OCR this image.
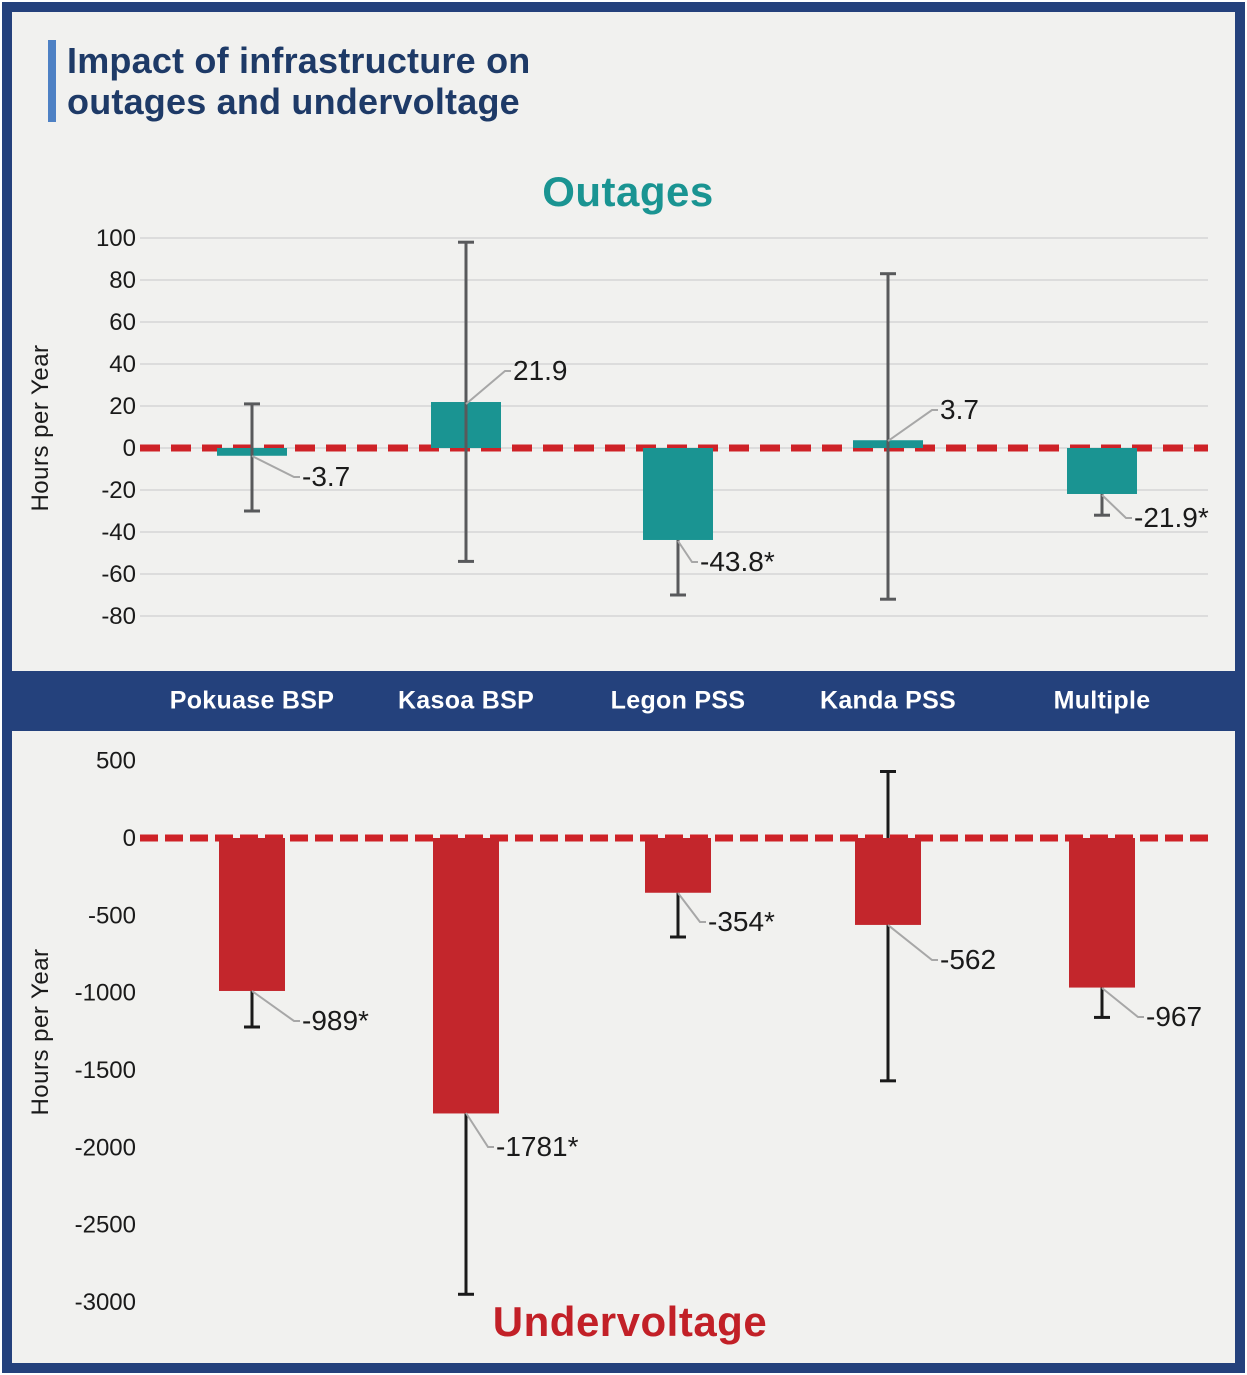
100
80
60
40
20
0
-20
-40
-60
-80
-3.7
21.9
-43.8*
3.7
-21.9*
500
0
-500
-1000
-1500
-2000
-2500
-3000
-989*
-1781*
-354*
-562
-967
Impact of infrastructure on outages and undervoltage
Outages
Undervoltage
Hours per Year
Hours per Year
Pokuase BSP	Kasoa BSP	Legon PSS	Kanda PSS	Multiple
